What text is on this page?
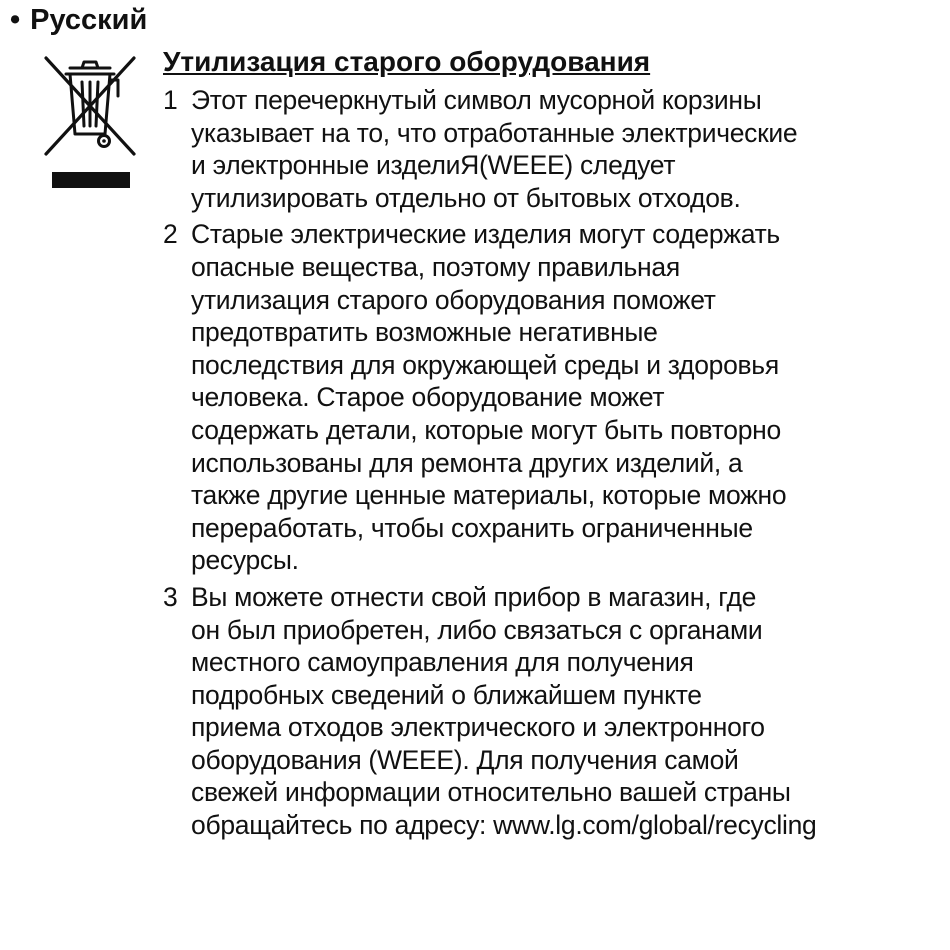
• Русский
Утилизация старого оборудования
1 Этот перечеркнутый символ мусорной корзины
указывает на то, что отработанные электрические
и электронные изделиЯ(WEEE) следует
утилизировать отдельно от бытовых отходов.
2 Старые электрические изделия могут содержать
опасные вещества, поэтому правильная
утилизация старого оборудования поможет
предотвратить возможные негативные
последствия для окружающей среды и здоровья
человека. Старое оборудование может
содержать детали, которые могут быть повторно
использованы для ремонта других изделий, а
также другие ценные материалы, которые можно
переработать, чтобы сохранить ограниченные
ресурсы.
3 Вы можете отнести свой прибор в магазин, где
он был приобретен, либо связаться с органами
местного самоуправления для получения
подробных сведений о ближайшем пункте
приема отходов электрического и электронного
оборудования (WEEE). Для получения самой
свежей информации относительно вашей страны
обращайтесь по адресу: www.lg.com/global/recycling
